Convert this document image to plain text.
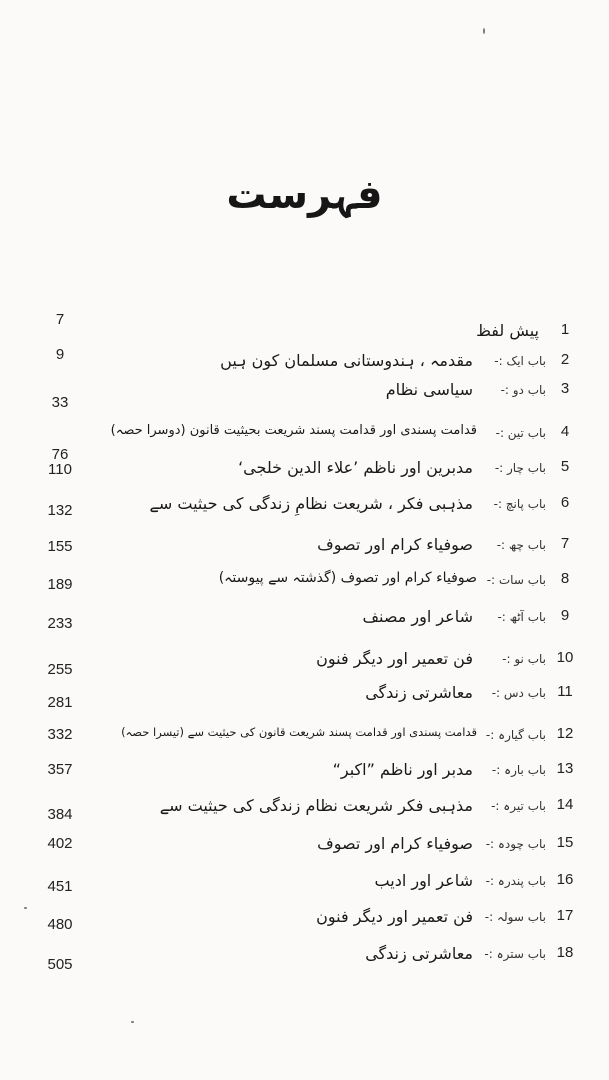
فہرست
1
پیش لفظ
7
2
باب ایک :-
مقدمہ ، ہندوستانی مسلمان کون ہیں
9
3
باب دو :-
سیاسی نظام
33
4
باب تین :-
قدامت پسندی اور قدامت پسند شریعت بحیثیت قانون (دوسرا حصہ)
76
5
باب چار :-
مدبرین اور ناظم ’علاء الدین خلجی‘
110
6
باب پانچ :-
مذہبی فکر ، شریعت نظامِ زندگی کی حیثیت سے
132
7
باب چھ :-
صوفیاء کرام اور تصوف
155
8
باب سات :-
صوفیاء کرام اور تصوف (گذشتہ سے پیوستہ)
189
9
باب آٹھ :-
شاعر اور مصنف
233
10
باب نو :-
فن تعمیر اور دیگر فنون
255
11
باب دس :-
معاشرتی زندگی
281
12
باب گیارہ :-
قدامت پسندی اور قدامت پسند شریعت قانون کی حیثیت سے (تیسرا حصہ)
332
13
باب بارہ :-
مدبر اور ناظم ”اکبر“
357
14
باب تیرہ :-
مذہبی فکر شریعت نظام زندگی کی حیثیت سے
384
15
باب چودہ :-
صوفیاء کرام اور تصوف
402
16
باب پندرہ :-
شاعر اور ادیب
451
17
باب سولہ :-
فن تعمیر اور دیگر فنون
480
18
باب سترہ :-
معاشرتی زندگی
505
